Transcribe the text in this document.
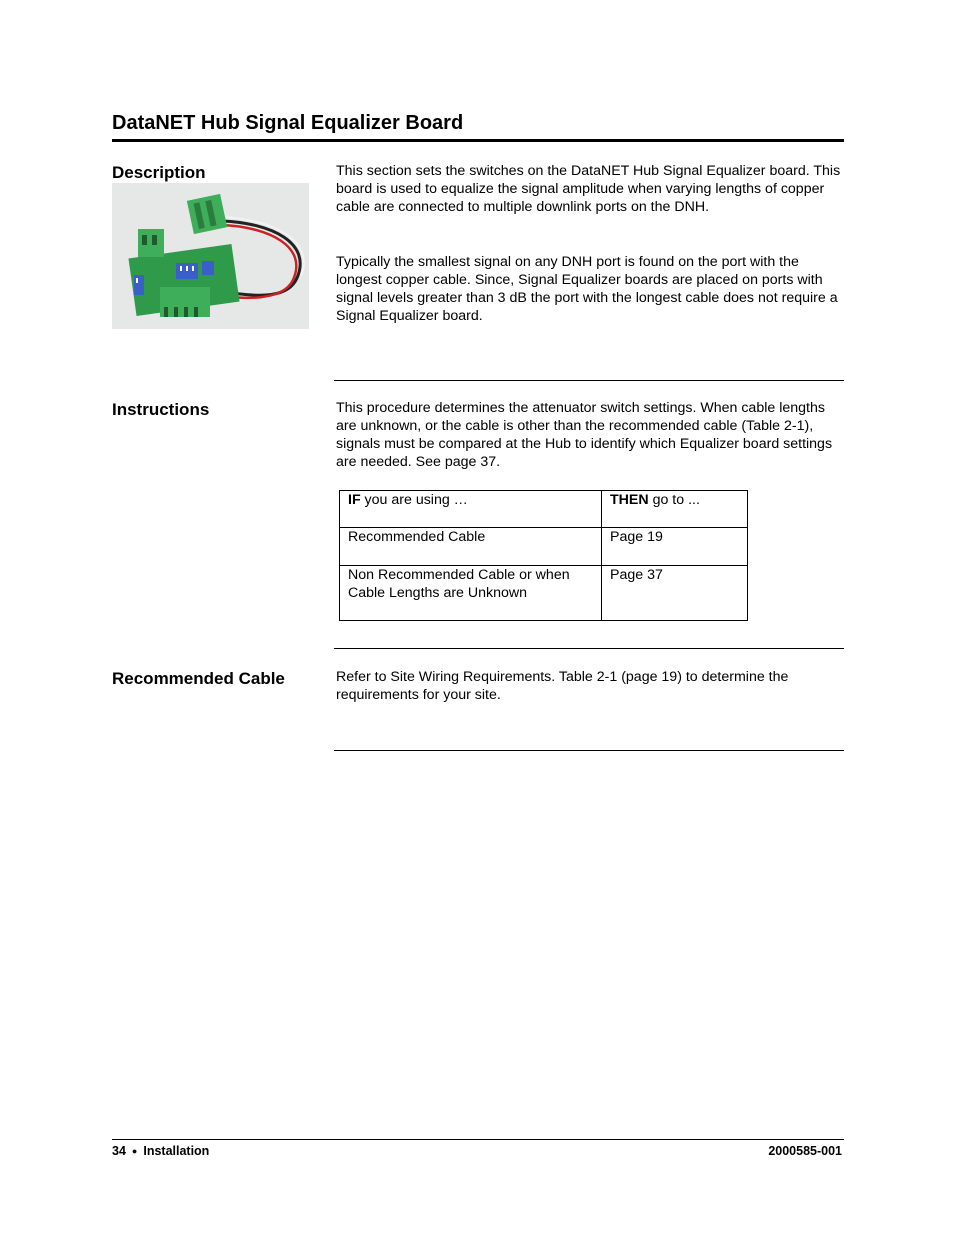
DataNET Hub Signal Equalizer Board
Description	This section sets the switches on the DataNET Hub Signal Equalizer board. This board is used to equalize the signal amplitude when varying lengths of copper cable are connected to multiple downlink ports on the DNH.

Typically the smallest signal on any DNH port is found on the port with the longest copper cable. Since, Signal Equalizer boards are placed on ports with signal levels greater than 3 dB the port with the longest cable does not require a Signal Equalizer board.

Instructions	This procedure determines the attenuator switch settings. When cable lengths are unknown, or the cable is other than the recommended cable (Table 2-1), signals must be compared at the Hub to identify which Equalizer board settings are needed. See page 37.

IF you are using …	THEN go to ...
Recommended Cable	Page 19
Non Recommended Cable or when Cable Lengths are Unknown	Page 37
Recommended Cable	Refer to Site Wiring Requirements. Table 2-1 (page 19) to determine the requirements for your site.

34 ● Installation	2000585-001
